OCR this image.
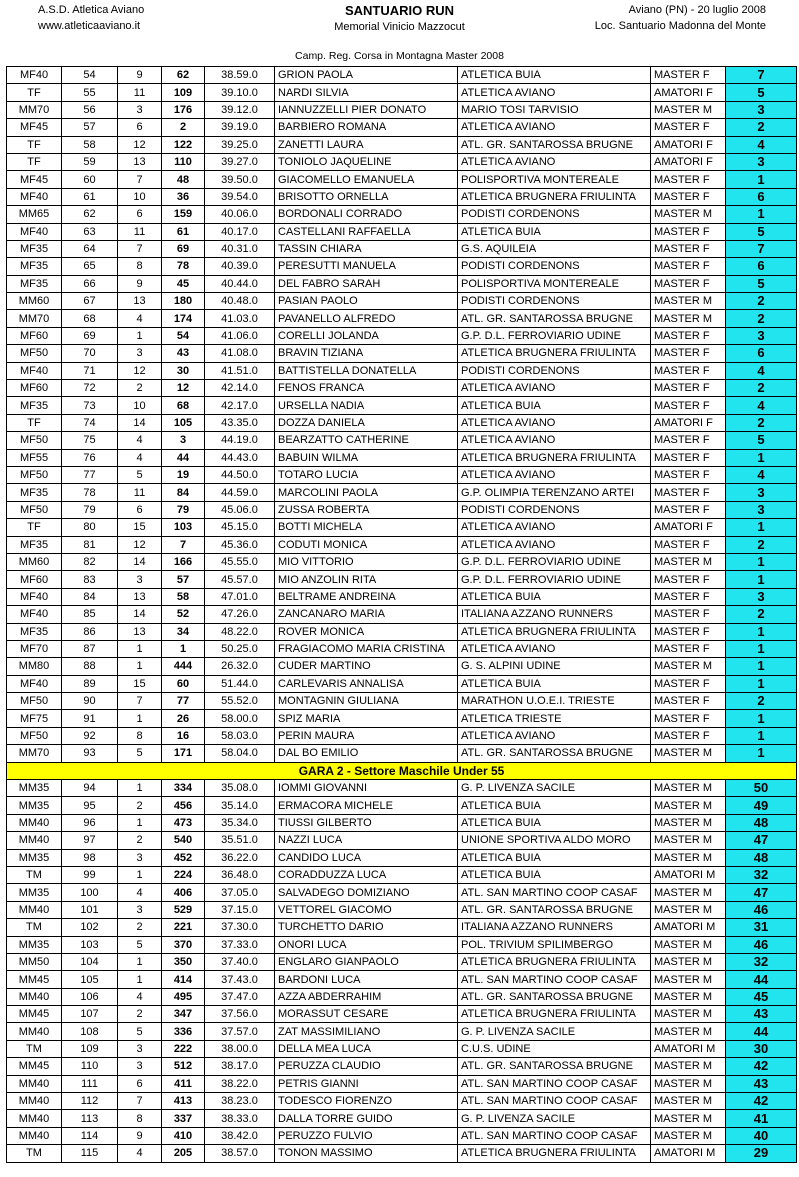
A.S.D. Atletica Aviano
www.atleticaaviano.it
SANTUARIO RUN
Memorial Vinicio Mazzocut
Aviano (PN) - 20 luglio 2008
Loc. Santuario Madonna del Monte
Camp. Reg. Corsa in Montagna Master 2008
MF40	54	9	62	38.59.0	GRION PAOLA	ATLETICA BUIA	MASTER F	7
TF	55	11	109	39.10.0	NARDI SILVIA	ATLETICA AVIANO	AMATORI F	5
MM70	56	3	176	39.12.0	IANNUZZELLI PIER DONATO	MARIO TOSI TARVISIO	MASTER M	3
MF45	57	6	2	39.19.0	BARBIERO ROMANA	ATLETICA AVIANO	MASTER F	2
TF	58	12	122	39.25.0	ZANETTI LAURA	ATL. GR. SANTAROSSA BRUGNE	AMATORI F	4
TF	59	13	110	39.27.0	TONIOLO JAQUELINE	ATLETICA AVIANO	AMATORI F	3
MF45	60	7	48	39.50.0	GIACOMELLO EMANUELA	POLISPORTIVA MONTEREALE	MASTER F	1
MF40	61	10	36	39.54.0	BRISOTTO ORNELLA	ATLETICA BRUGNERA FRIULINTA	MASTER F	6
MM65	62	6	159	40.06.0	BORDONALI CORRADO	PODISTI CORDENONS	MASTER M	1
MF40	63	11	61	40.17.0	CASTELLANI RAFFAELLA	ATLETICA BUIA	MASTER F	5
MF35	64	7	69	40.31.0	TASSIN CHIARA	G.S. AQUILEIA	MASTER F	7
MF35	65	8	78	40.39.0	PERESUTTI MANUELA	PODISTI CORDENONS	MASTER F	6
MF35	66	9	45	40.44.0	DEL FABRO SARAH	POLISPORTIVA MONTEREALE	MASTER F	5
MM60	67	13	180	40.48.0	PASIAN PAOLO	PODISTI CORDENONS	MASTER M	2
MM70	68	4	174	41.03.0	PAVANELLO ALFREDO	ATL. GR. SANTAROSSA BRUGNE	MASTER M	2
MF60	69	1	54	41.06.0	CORELLI JOLANDA	G.P. D.L. FERROVIARIO UDINE	MASTER F	3
MF50	70	3	43	41.08.0	BRAVIN TIZIANA	ATLETICA BRUGNERA FRIULINTA	MASTER F	6
MF40	71	12	30	41.51.0	BATTISTELLA DONATELLA	PODISTI CORDENONS	MASTER F	4
MF60	72	2	12	42.14.0	FENOS FRANCA	ATLETICA AVIANO	MASTER F	2
MF35	73	10	68	42.17.0	URSELLA NADIA	ATLETICA BUIA	MASTER F	4
TF	74	14	105	43.35.0	DOZZA DANIELA	ATLETICA AVIANO	AMATORI F	2
MF50	75	4	3	44.19.0	BEARZATTO CATHERINE	ATLETICA AVIANO	MASTER F	5
MF55	76	4	44	44.43.0	BABUIN WILMA	ATLETICA BRUGNERA FRIULINTA	MASTER F	1
MF50	77	5	19	44.50.0	TOTARO LUCIA	ATLETICA AVIANO	MASTER F	4
MF35	78	11	84	44.59.0	MARCOLINI PAOLA	G.P. OLIMPIA TERENZANO ARTEI	MASTER F	3
MF50	79	6	79	45.06.0	ZUSSA ROBERTA	PODISTI CORDENONS	MASTER F	3
TF	80	15	103	45.15.0	BOTTI MICHELA	ATLETICA AVIANO	AMATORI F	1
MF35	81	12	7	45.36.0	CODUTI MONICA	ATLETICA AVIANO	MASTER F	2
MM60	82	14	166	45.55.0	MIO VITTORIO	G.P. D.L. FERROVIARIO UDINE	MASTER M	1
MF60	83	3	57	45.57.0	MIO ANZOLIN RITA	G.P. D.L. FERROVIARIO UDINE	MASTER F	1
MF40	84	13	58	47.01.0	BELTRAME ANDREINA	ATLETICA BUIA	MASTER F	3
MF40	85	14	52	47.26.0	ZANCANARO MARIA	ITALIANA AZZANO RUNNERS	MASTER F	2
MF35	86	13	34	48.22.0	ROVER MONICA	ATLETICA BRUGNERA FRIULINTA	MASTER F	1
MF70	87	1	1	50.25.0	FRAGIACOMO MARIA CRISTINA	ATLETICA AVIANO	MASTER F	1
MM80	88	1	444	26.32.0	CUDER MARTINO	G. S. ALPINI UDINE	MASTER M	1
MF40	89	15	60	51.44.0	CARLEVARIS ANNALISA	ATLETICA BUIA	MASTER F	1
MF50	90	7	77	55.52.0	MONTAGNIN GIULIANA	MARATHON U.O.E.I. TRIESTE	MASTER F	2
MF75	91	1	26	58.00.0	SPIZ MARIA	ATLETICA TRIESTE	MASTER F	1
MF50	92	8	16	58.03.0	PERIN MAURA	ATLETICA AVIANO	MASTER F	1
MM70	93	5	171	58.04.0	DAL BO EMILIO	ATL. GR. SANTAROSSA BRUGNE	MASTER M	1
GARA 2 - Settore Maschile Under 55								
MM35	94	1	334	35.08.0	IOMMI GIOVANNI	G. P. LIVENZA SACILE	MASTER M	50
MM35	95	2	456	35.14.0	ERMACORA MICHELE	ATLETICA BUIA	MASTER M	49
MM40	96	1	473	35.34.0	TIUSSI GILBERTO	ATLETICA BUIA	MASTER M	48
MM40	97	2	540	35.51.0	NAZZI LUCA	UNIONE SPORTIVA ALDO MORO	MASTER M	47
MM35	98	3	452	36.22.0	CANDIDO LUCA	ATLETICA BUIA	MASTER M	48
TM	99	1	224	36.48.0	CORADDUZZA LUCA	ATLETICA BUIA	AMATORI M	32
MM35	100	4	406	37.05.0	SALVADEGO DOMIZIANO	ATL. SAN MARTINO COOP CASAF	MASTER M	47
MM40	101	3	529	37.15.0	VETTOREL GIACOMO	ATL. GR. SANTAROSSA BRUGNE	MASTER M	46
TM	102	2	221	37.30.0	TURCHETTO DARIO	ITALIANA AZZANO RUNNERS	AMATORI M	31
MM35	103	5	370	37.33.0	ONORI LUCA	POL. TRIVIUM SPILIMBERGO	MASTER M	46
MM50	104	1	350	37.40.0	ENGLARO GIANPAOLO	ATLETICA BRUGNERA FRIULINTA	MASTER M	32
MM45	105	1	414	37.43.0	BARDONI LUCA	ATL. SAN MARTINO COOP CASAF	MASTER M	44
MM40	106	4	495	37.47.0	AZZA ABDERRAHIM	ATL. GR. SANTAROSSA BRUGNE	MASTER M	45
MM45	107	2	347	37.56.0	MORASSUT CESARE	ATLETICA BRUGNERA FRIULINTA	MASTER M	43
MM40	108	5	336	37.57.0	ZAT MASSIMILIANO	G. P. LIVENZA SACILE	MASTER M	44
TM	109	3	222	38.00.0	DELLA MEA LUCA	C.U.S. UDINE	AMATORI M	30
MM45	110	3	512	38.17.0	PERUZZA CLAUDIO	ATL. GR. SANTAROSSA BRUGNE	MASTER M	42
MM40	111	6	411	38.22.0	PETRIS GIANNI	ATL. SAN MARTINO COOP CASAF	MASTER M	43
MM40	112	7	413	38.23.0	TODESCO FIORENZO	ATL. SAN MARTINO COOP CASAF	MASTER M	42
MM40	113	8	337	38.33.0	DALLA TORRE GUIDO	G. P. LIVENZA SACILE	MASTER M	41
MM40	114	9	410	38.42.0	PERUZZO FULVIO	ATL. SAN MARTINO COOP CASAF	MASTER M	40
TM	115	4	205	38.57.0	TONON MASSIMO	ATLETICA BRUGNERA FRIULINTA	AMATORI M	29
